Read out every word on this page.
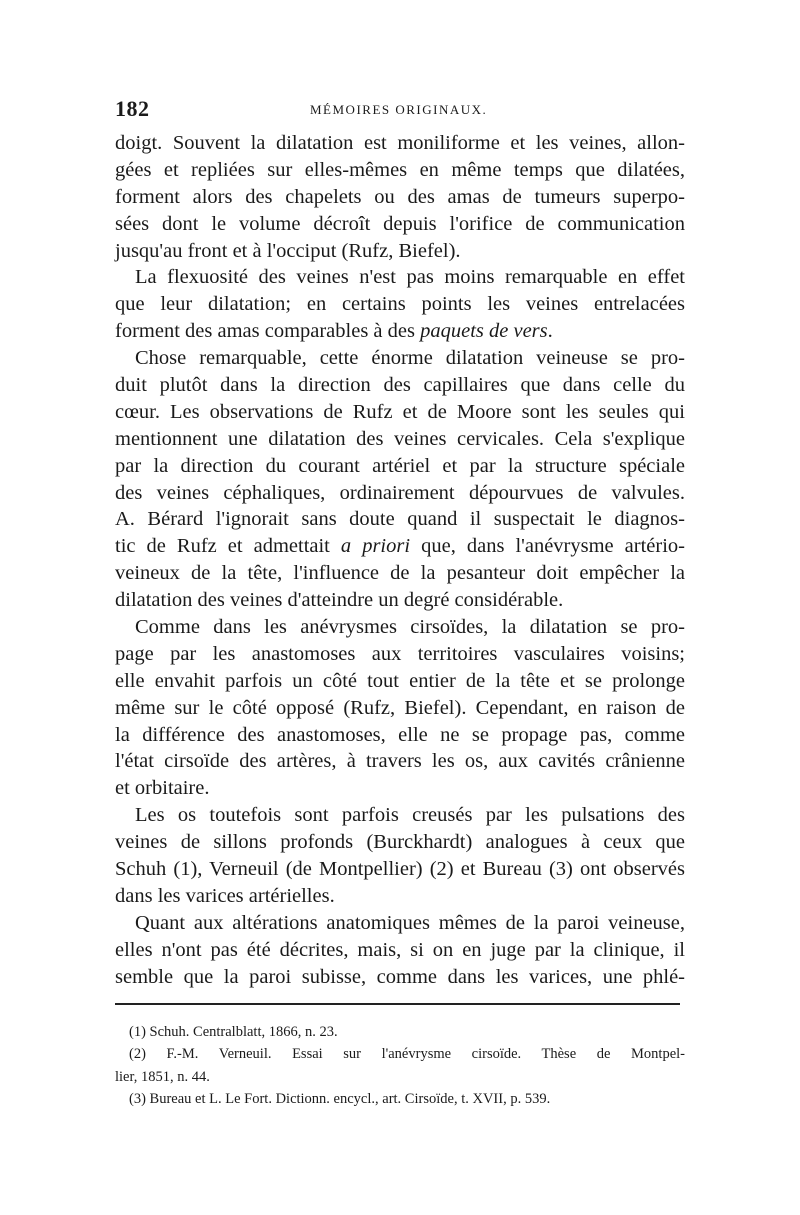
182	MÉMOIRES ORIGINAUX.
doigt. Souvent la dilatation est moniliforme et les veines, allon-
gées et repliées sur elles-mêmes en même temps que dilatées,
forment alors des chapelets ou des amas de tumeurs superpo-
sées dont le volume décroît depuis l'orifice de communication
jusqu'au front et à l'occiput (Rufz, Biefel).
La flexuosité des veines n'est pas moins remarquable en effet
que leur dilatation; en certains points les veines entrelacées
forment des amas comparables à des paquets de vers.
Chose remarquable, cette énorme dilatation veineuse se pro-
duit plutôt dans la direction des capillaires que dans celle du
cœur. Les observations de Rufz et de Moore sont les seules qui
mentionnent une dilatation des veines cervicales. Cela s'explique
par la direction du courant artériel et par la structure spéciale
des veines céphaliques, ordinairement dépourvues de valvules.
A. Bérard l'ignorait sans doute quand il suspectait le diagnos-
tic de Rufz et admettait a priori que, dans l'anévrysme artério-
veineux de la tête, l'influence de la pesanteur doit empêcher la
dilatation des veines d'atteindre un degré considérable.
Comme dans les anévrysmes cirsoïdes, la dilatation se pro-
page par les anastomoses aux territoires vasculaires voisins;
elle envahit parfois un côté tout entier de la tête et se prolonge
même sur le côté opposé (Rufz, Biefel). Cependant, en raison de
la différence des anastomoses, elle ne se propage pas, comme
l'état cirsoïde des artères, à travers les os, aux cavités crânienne
et orbitaire.
Les os toutefois sont parfois creusés par les pulsations des
veines de sillons profonds (Burckhardt) analogues à ceux que
Schuh (1), Verneuil (de Montpellier) (2) et Bureau (3) ont observés
dans les varices artérielles.
Quant aux altérations anatomiques mêmes de la paroi veineuse,
elles n'ont pas été décrites, mais, si on en juge par la clinique, il
semble que la paroi subisse, comme dans les varices, une phlé-
(1) Schuh. Centralblatt, 1866, n. 23.
(2) F.-M. Verneuil. Essai sur l'anévrysme cirsoïde. Thèse de Montpel-
lier, 1851, n. 44.
(3) Bureau et L. Le Fort. Dictionn. encycl., art. Cirsoïde, t. XVII, p. 539.
